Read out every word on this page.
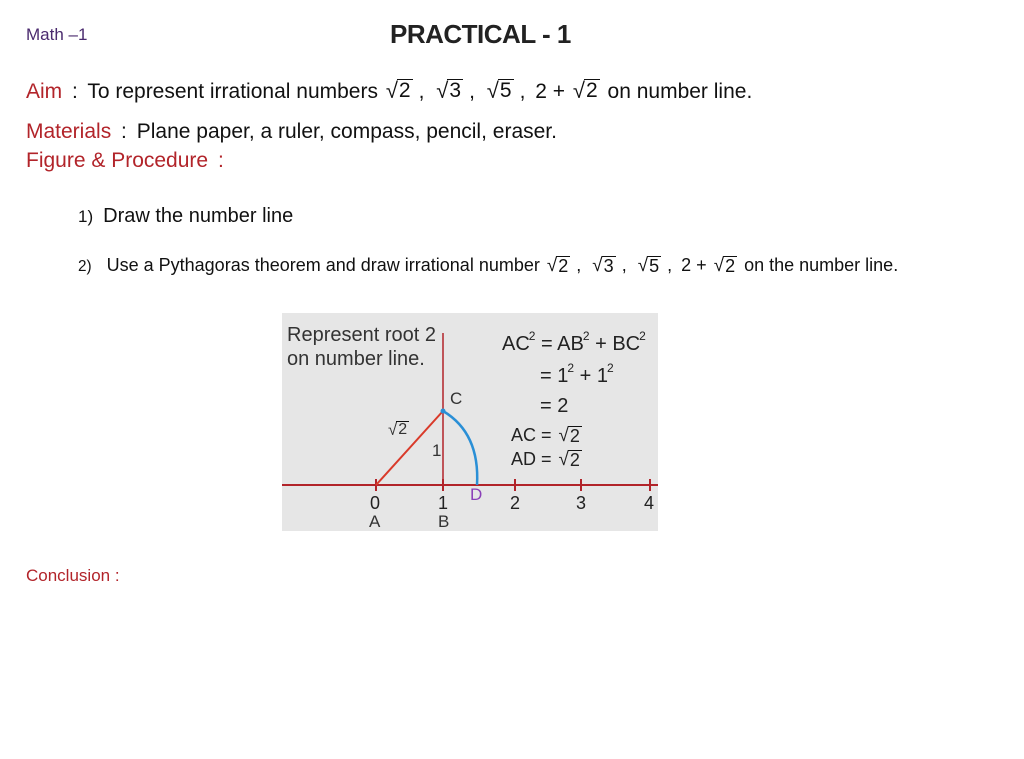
Math –1	PRACTICAL - 1
Aim : To represent irrational numbers √ 2 , √ 3 , √ 5 , 2 + √ 2 on number line.
Materials : Plane paper, a ruler, compass, pencil, eraser.
Figure & Procedure :
1) Draw the number line
2) Use a Pythagoras theorem and draw irrational number √ 2 , √ 3 , √ 5 , 2 + √ 2 on the number line.
Represent root 2
on number line.
$AC^2 = AB^2 + BC^2$
= $1^2 + 1^2$
= 2
AC = √ 2
AD = √ 2
√ 2
1
C
D
0	1	2	3	4
A	B
Conclusion :
